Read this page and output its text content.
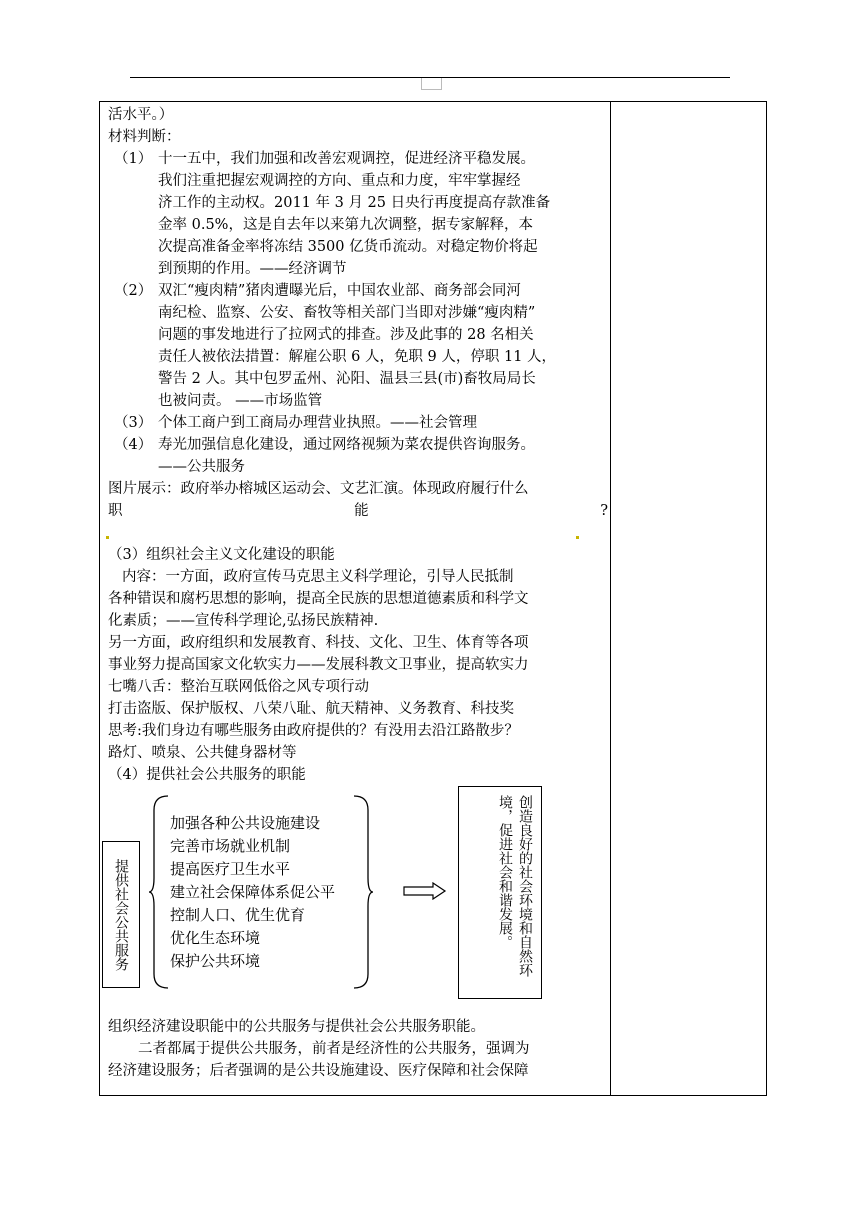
活水平。）

材料判断：

（1） 十一五中，我们加强和改善宏观调控，促进经济平稳发展。
我们注重把握宏观调控的方向、重点和力度，牢牢掌握经
济工作的主动权。2011 年 3 月 25 日央行再度提高存款准备
金率 0.5%，这是自去年以来第九次调整，据专家解释，本
次提高准备金率将冻结 3500 亿货币流动。对稳定物价将起
到预期的作用。——经济调节
（2） 双汇“瘦肉精”猪肉遭曝光后，中国农业部、商务部会同河
南纪检、监察、公安、畜牧等相关部门当即对涉嫌“瘦肉精”
问题的事发地进行了拉网式的排查。涉及此事的 28 名相关
责任人被依法措置：解雇公职 6 人，免职 9 人，停职 11 人，
警告 2 人。其中包罗孟州、沁阳、温县三县(市)畜牧局局长
也被问责。 ——市场监管
（3） 个体工商户到工商局办理营业执照。——社会管理
（4） 寿光加强信息化建设，通过网络视频为菜农提供咨询服务。
——公共服务

图片展示：政府举办榕城区运动会、文艺汇演。体现政府履行什么

职	能	?

（3）组织社会主义文化建设的职能

内容：一方面，政府宣传马克思主义科学理论，引导人民抵制

各种错误和腐朽思想的影响，提高全民族的思想道德素质和科学文

化素质；——宣传科学理论,弘扬民族精神.

另一方面，政府组织和发展教育、科技、文化、卫生、体育等各项

事业努力提高国家文化软实力——发展科教文卫事业，提高软实力

七嘴八舌：整治互联网低俗之风专项行动

打击盗版、保护版权、八荣八耻、航天精神、义务教育、科技奖

思考:我们身边有哪些服务由政府提供的？有没用去沿江路散步？

路灯、喷泉、公共健身器材等

（4）提供社会公共服务的职能

提供社会公共服务
加强各种公共设施建设
完善市场就业机制
提高医疗卫生水平
建立社会保障体系促公平
控制人口、优生优育
优化生态环境
保护公共环境	创造良好的社会环境和自然环境，促进社会和谐发展。

组织经济建设职能中的公共服务与提供社会公共服务职能。

二者都属于提供公共服务，前者是经济性的公共服务，强调为

经济建设服务；后者强调的是公共设施建设、医疗保障和社会保障
